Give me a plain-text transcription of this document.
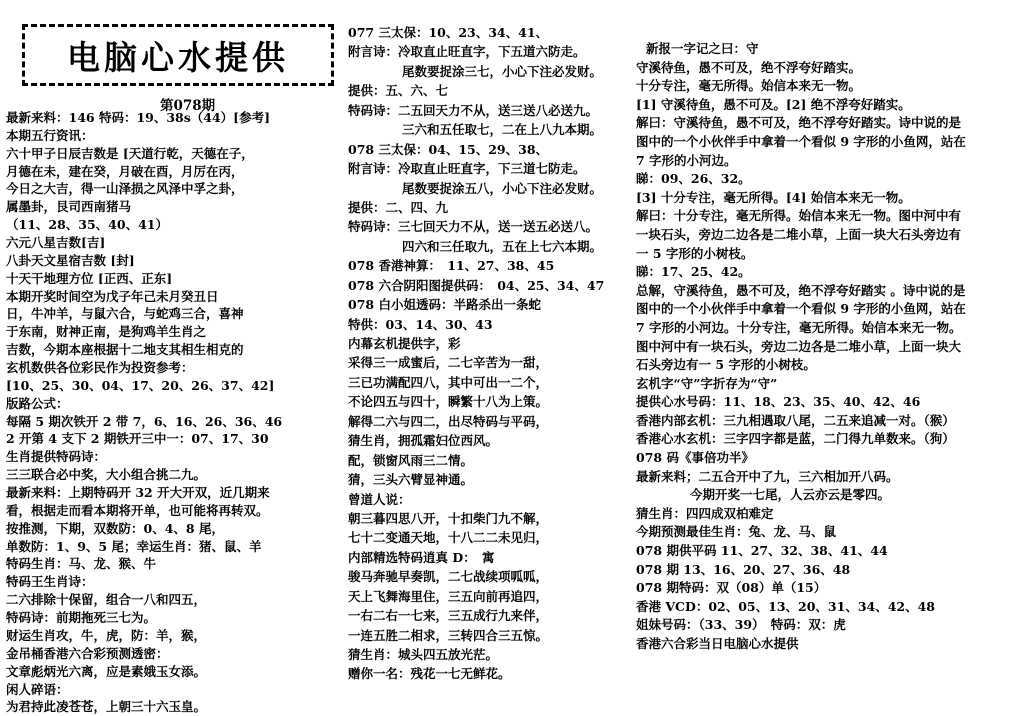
电脑心水提供
第078期
最新来料：146 特码：19、38s（44）[参考]
本期五行资讯：
六十甲子日辰吉数是 [天道行乾，天德在子，
月德在未，建在癸，月破在酉，月厉在丙，
今日之大吉，得一山泽损之风泽中孚之卦，
属墨卦，艮司西南猪马
（11、28、35、40、41）
六元八星吉数[吉]
八卦天文星宿吉数 [封]
十天干地理方位 [正西、正东]
本期开奖时间空为戊子年己未月癸丑日
日，牛冲羊，与鼠六合，与蛇鸡三合，喜神
于东南，财神正南，是狗鸡羊生肖之
吉数，今期本座根据十二地支其相生相克的
玄机数供各位彩民作为投资参考：
[10、25、30、04、17、20、26、37、42]
版路公式：
每隔 5 期次铁开 2 带 7，6、16、26、36、46
2 开第 4 支下 2 期铁开三中一：07、17、30
生肖提供特码诗：
三三联合必中奖，大小组合挑二九。
最新来料：上期特码开 32 开大开双，近几期来
看，根据走而看本期将开单，也可能将再转双。
按推测，下期，双数防：0、4、8 尾，
单数防：1、9、5 尾；幸运生肖：猪、鼠、羊
特码生肖：马、龙、猴、牛
特码王生肖诗：
二六排除十保留，组合一八和四五，
特码诗：前期拖死三七为。
财运生肖攻，牛，虎，防：羊，猴，
金吊桶香港六合彩预测透密：
文章彪炳光六离，应是素娥玉女添。
闲人碎语：
为君持此凌苍苍，上朝三十六玉皇。
077 三太保：10、23、34、41、
附言诗：冷取直止旺直字，下五道六防走。
尾数要捉涂三七，小心下注必发财。
提供：五、六、七
特码诗：二五回天力不从，送三送八必送九。
三六和五任取七，二在上八九本期。
078 三太保：04、15、29、38、
附言诗：冷取直止旺直字，下三道七防走。
尾数要捉涂五八，小心下注必发财。
提供：二、四、九
特码诗：三七回天力不从，送一送五必送八。
四六和三任取九，五在上七六本期。
078 香港神算：　11、27、38、45
078 六合阴阳图提供码：　04、25、34、47
078 白小姐透码：半路杀出一条蛇
特供：03、14、30、43
内幕玄机提供字，彩
采得三一成蜜后，二七辛苦为一甜，
三已功满配四八，其中可出一二个，
不论四五与四十，瞬繁十八为上策。
解得二六与四二，出尽特码与平码，
猜生肖，拥孤霜妇位西风。
配，锁窗风雨三二情。
猜，三头六臂显神通。
曾道人说：
朝三暮四思八开，十扣柴门九不解，
七十二变通天地，十八二二未见归，
内部精选特码逍真 D：　寓
骏马奔驰早奏凯，二七战续项呱呱，
天上飞舞海里住，三五向前再追四，
一右二右一七来，三五成行九来伴，
一连五胜二相求，三转四合三五惊。
猜生肖：城头四五放光茫。
赠你一名：残花一七无鲜花。
新报一字记之曰：守
守溪待鱼，愚不可及，绝不浮夸好踏实。
十分专注，毫无所得。始信本来无一物。
[1] 守溪待鱼，愚不可及。[2] 绝不浮夸好踏实。
解曰：守溪待鱼，愚不可及，绝不浮夸好踏实。诗中说的是
图中的一个小伙伴手中拿着一个看似 9 字形的小鱼网，站在
7 字形的小河边。
睇：09、26、32。
[3] 十分专注，毫无所得。[4] 始信本来无一物。
解曰：十分专注，毫无所得。始信本来无一物。图中河中有
一块石头，旁边二边各是二堆小草，上面一块大石头旁边有
一 5 字形的小树枝。
睇：17、25、42。
总解，守溪待鱼，愚不可及，绝不浮夸好踏实 。诗中说的是
图中的一个小伙伴手中拿着一个看似 9 字形的小鱼网，站在
7 字形的小河边。十分专注，毫无所得。始信本来无一物。
图中河中有一块石头，旁边二边各是二堆小草，上面一块大
石头旁边有一 5 字形的小树枝。
玄机字“守”字折存为“守”
提供心水号码：11、18、23、35、40、42、46
香港内部玄机：三九相遇取八尾，二五来追减一对。（猴）
香港心水玄机：三字四字都是蓝，二门得九单数来。（狗）
078 码《事倍功半》
最新来料；二五合开中了九，三六相加开八码。
今期开奖一七尾，人云亦云是零四。
猜生肖：四四成双柏难定
今期预测最佳生肖：兔、龙、马、鼠
078 期供平码 11、27、32、38、41、44
078 期 13、16、20、27、36、48
078 期特码：双（08）单（15）
香港 VCD：02、05、13、20、31、34、42、48
姐妹号码：（33、39）　特码：双：虎
香港六合彩当日电脑心水提供
